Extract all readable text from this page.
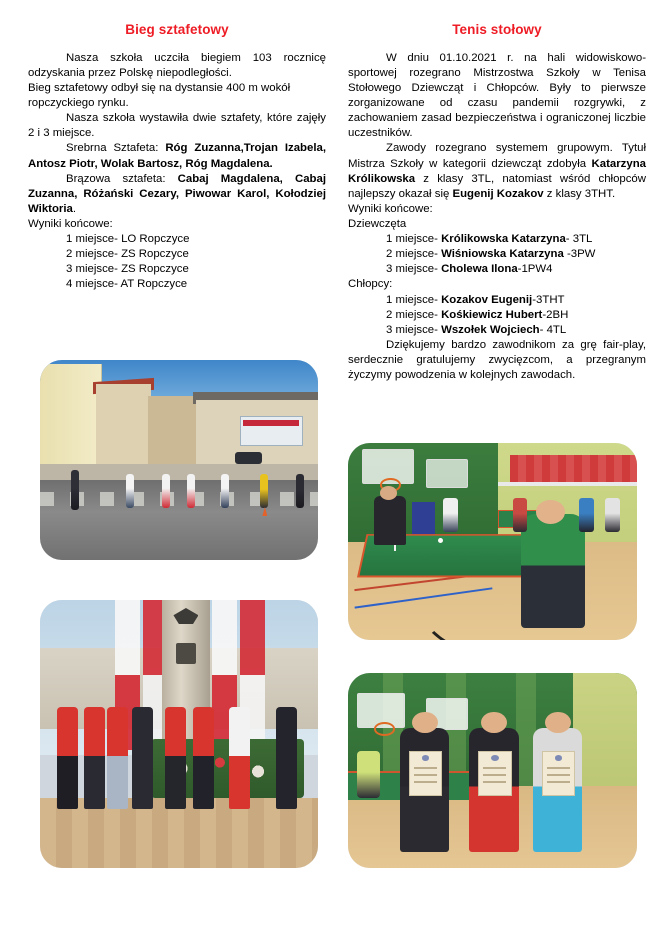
Bieg sztafetowy

Nasza szkoła uczciła biegiem 103 rocznicę odzyskania przez Polskę niepodległości.

Bieg sztafetowy odbył się na dystansie 400 m wokół ropczyckiego rynku.

Nasza szkoła wystawiła dwie sztafety, które zajęły 2 i 3 miejsce.

Srebrna Sztafeta: Róg Zuzanna,Trojan Izabela, Antosz Piotr, Wolak Bartosz, Róg Magdalena.

Brązowa sztafeta: Cabaj Magdalena, Cabaj Zuzanna, Różański Cezary, Piwowar Karol, Kołodziej Wiktoria.

Wyniki końcowe:

1 miejsce- LO Ropczyce
2 miejsce- ZS Ropczyce
3 miejsce- ZS Ropczyce
4 miejsce- AT Ropczyce
Tenis stołowy

W dniu 01.10.2021 r. na hali widowiskowo-sportowej rozegrano Mistrzostwa Szkoły w Tenisa Stołowego Dziewcząt i Chłopców. Były to pierwsze zorganizowane od czasu pandemii rozgrywki, z zachowaniem zasad bezpieczeństwa i ograniczonej liczbie uczestników.

Zawody rozegrano systemem grupowym. Tytuł Mistrza Szkoły w kategorii dziewcząt zdobyła Katarzyna Królikowska z klasy 3TL, natomiast wśród chłopców najlepszy okazał się Eugenij Kozakov z klasy 3THT.

Wyniki końcowe:

Dziewczęta

1 miejsce- Królikowska Katarzyna- 3TL
2 miejsce- Wiśniowska Katarzyna -3PW
3 miejsce- Cholewa Ilona-1PW4

Chłopcy:

1 miejsce- Kozakov Eugenij-3THT
2 miejsce- Kośkiewicz Hubert-2BH
3 miejsce- Wszołek Wojciech- 4TL

Dziękujemy bardzo zawodnikom za grę fair-play, serdecznie gratulujemy zwycięzcom, a przegranym życzymy powodzenia w kolejnych zawodach.
